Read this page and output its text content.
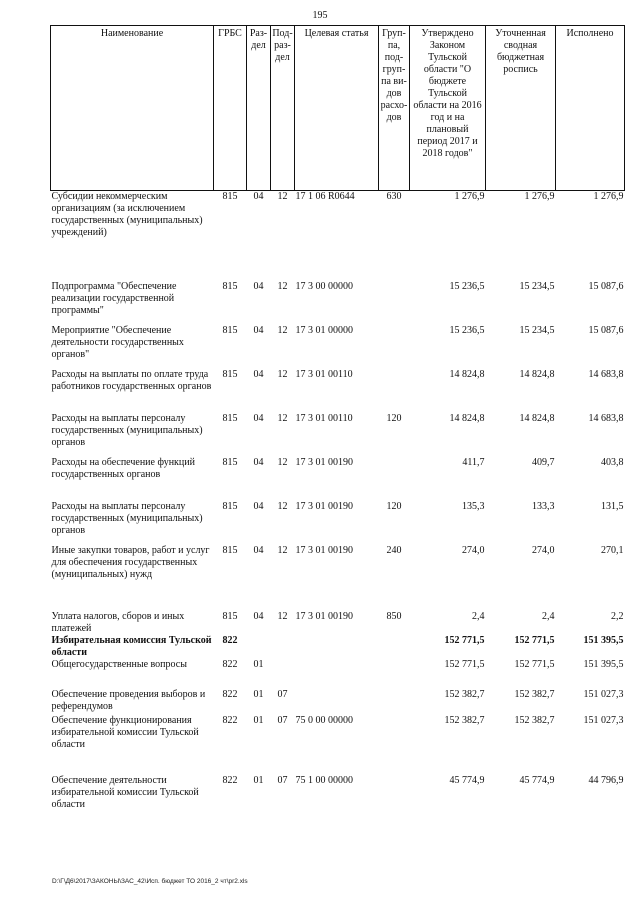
195
Наименование	ГРБС	Раз-дел	Под-раз-дел	Целевая статья	Груп-па, под-груп-па ви-дов расхо-дов	Утверждено Законом Тульской области "О бюджете Тульской области на 2016 год и на плановый период 2017 и 2018 годов"	Уточненная сводная бюджетная роспись	Исполнено
Субсидии некоммерческим организациям (за исключением государственных (муниципальных) учреждений)	815	04	12	17 1 06 R0644	630	1 276,9	1 276,9	1 276,9
Подпрограмма "Обеспечение реализации государственной программы"	815	04	12	17 3 00 00000		15 236,5	15 234,5	15 087,6
Мероприятие "Обеспечение деятельности государственных органов"	815	04	12	17 3 01 00000		15 236,5	15 234,5	15 087,6
Расходы на выплаты по оплате труда работников государственных органов	815	04	12	17 3 01 00110		14 824,8	14 824,8	14 683,8
Расходы на выплаты персоналу государственных (муниципальных) органов	815	04	12	17 3 01 00110	120	14 824,8	14 824,8	14 683,8
Расходы на обеспечение функций государственных органов	815	04	12	17 3 01 00190		411,7	409,7	403,8
Расходы на выплаты персоналу государственных (муниципальных) органов	815	04	12	17 3 01 00190	120	135,3	133,3	131,5
Иные закупки товаров, работ и услуг для обеспечения государственных (муниципальных) нужд	815	04	12	17 3 01 00190	240	274,0	274,0	270,1
Уплата налогов, сборов и иных платежей	815	04	12	17 3 01 00190	850	2,4	2,4	2,2
Избирательная комиссия Тульской области	822					152 771,5	152 771,5	151 395,5
Общегосударственные вопросы	822	01				152 771,5	152 771,5	151 395,5
Обеспечение проведения выборов и референдумов	822	01	07			152 382,7	152 382,7	151 027,3
Обеспечение функционирования избирательной комиссии Тульской области	822	01	07	75 0 00 00000		152 382,7	152 382,7	151 027,3
Обеспечение деятельности избирательной комиссии Тульской области	822	01	07	75 1 00 00000		45 774,9	45 774,9	44 796,9
D:\Г\Д6\2017\ЗАКОНЫ\ЗАС_42\Исп. бюджет ТО 2016_2 чт\pr2.xls
